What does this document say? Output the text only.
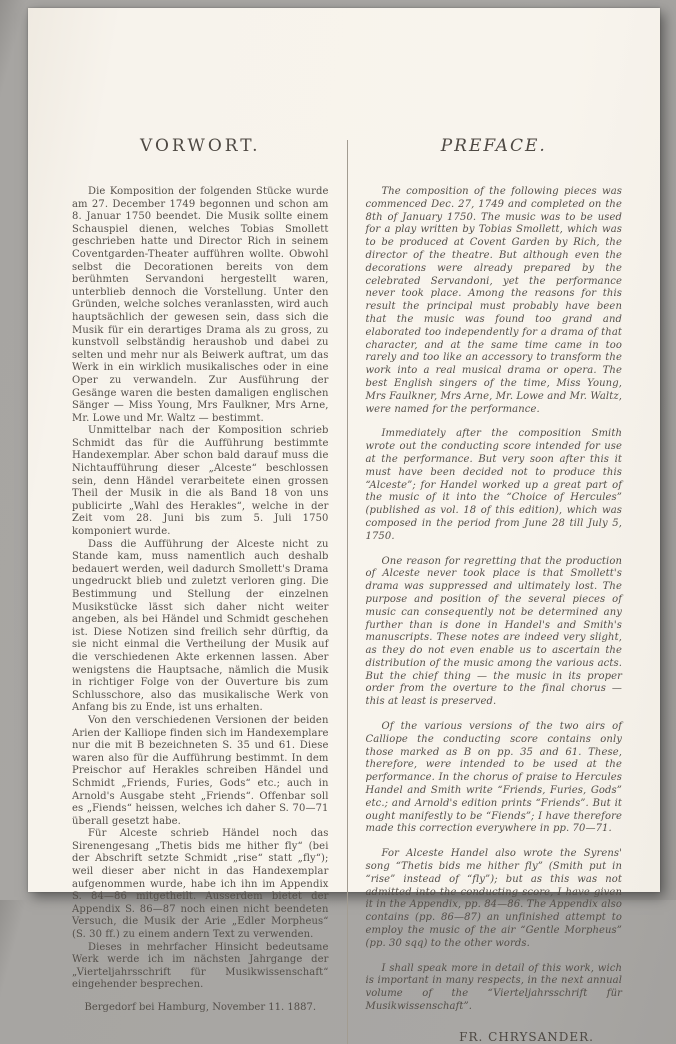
VORWORT.

Die Komposition der folgenden Stücke wurde am 27. December 1749 begonnen und schon am 8. Januar 1750 beendet. Die Musik sollte einem Schauspiel dienen, welches Tobias Smollett geschrieben hatte und Director Rich in seinem Coventgarden-Theater aufführen wollte. Obwohl selbst die Decorationen bereits von dem berühmten Servandoni hergestellt waren, unterblieb dennoch die Vorstellung. Unter den Gründen, welche solches veranlassten, wird auch hauptsächlich der gewesen sein, dass sich die Musik für ein derartiges Drama als zu gross, zu kunstvoll selbständig heraushob und dabei zu selten und mehr nur als Beiwerk auftrat, um das Werk in ein wirklich musikalisches oder in eine Oper zu verwandeln. Zur Ausführung der Gesänge waren die besten damaligen englischen Sänger — Miss Young, Mrs Faulkner, Mrs Arne, Mr. Lowe und Mr. Waltz — bestimmt.

Unmittelbar nach der Komposition schrieb Schmidt das für die Aufführung bestimmte Handexemplar. Aber schon bald darauf muss die Nichtaufführung dieser „Alceste“ beschlossen sein, denn Händel verarbeitete einen grossen Theil der Musik in die als Band 18 von uns publicirte „Wahl des Herakles“, welche in der Zeit vom 28. Juni bis zum 5. Juli 1750 komponiert wurde.

Dass die Aufführung der Alceste nicht zu Stande kam, muss namentlich auch deshalb bedauert werden, weil dadurch Smollett's Drama ungedruckt blieb und zuletzt verloren ging. Die Bestimmung und Stellung der einzelnen Musikstücke lässt sich daher nicht weiter angeben, als bei Händel und Schmidt geschehen ist. Diese Notizen sind freilich sehr dürftig, da sie nicht einmal die Vertheilung der Musik auf die verschiedenen Akte erkennen lassen. Aber wenigstens die Hauptsache, nämlich die Musik in richtiger Folge von der Ouverture bis zum Schlusschore, also das musikalische Werk von Anfang bis zu Ende, ist uns erhalten.

Von den verschiedenen Versionen der beiden Arien der Kalliope finden sich im Handexemplare nur die mit B bezeichneten S. 35 und 61. Diese waren also für die Aufführung bestimmt. In dem Preischor auf Herakles schreiben Händel und Schmidt „Friends, Furies, Gods“ etc.; auch in Arnold's Ausgabe steht „Friends“. Offenbar soll es „Fiends“ heissen, welches ich daher S. 70—71 überall gesetzt habe.

Für Alceste schrieb Händel noch das Sirenengesang „Thetis bids me hither fly“ (bei der Abschrift setzte Schmidt „rise“ statt „fly“); weil dieser aber nicht in das Handexemplar aufgenommen wurde, habe ich ihn im Appendix S. 84—86 mitgetheilt. Ausserdem bietet der Appendix S. 86—87 noch einen nicht beendeten Versuch, die Musik der Arie „Edler Morpheus“ (S. 30 ff.) zu einem andern Text zu verwenden.

Dieses in mehrfacher Hinsicht bedeutsame Werk werde ich im nächsten Jahrgange der „Vierteljahrsschrift für Musikwissenschaft“ eingehender besprechen.

Bergedorf bei Hamburg, November 11. 1887.

PREFACE.

The composition of the following pieces was commenced Dec. 27, 1749 and completed on the 8th of January 1750. The music was to be used for a play written by Tobias Smollett, which was to be produced at Covent Garden by Rich, the director of the theatre. But although even the decorations were already prepared by the celebrated Servandoni, yet the performance never took place. Among the reasons for this result the principal must probably have been that the music was found too grand and elaborated too independently for a drama of that character, and at the same time came in too rarely and too like an accessory to transform the work into a real musical drama or opera. The best English singers of the time, Miss Young, Mrs Faulkner, Mrs Arne, Mr. Lowe and Mr. Waltz, were named for the performance.

Immediately after the composition Smith wrote out the conducting score intended for use at the performance. But very soon after this it must have been decided not to produce this “Alceste”; for Handel worked up a great part of the music of it into the “Choice of Hercules” (published as vol. 18 of this edition), which was composed in the period from June 28 till July 5, 1750.

One reason for regretting that the production of Alceste never took place is that Smollett's drama was suppressed and ultimately lost. The purpose and position of the several pieces of music can consequently not be determined any further than is done in Handel's and Smith's manuscripts. These notes are indeed very slight, as they do not even enable us to ascertain the distribution of the music among the various acts. But the chief thing — the music in its proper order from the overture to the final chorus — this at least is preserved.

Of the various versions of the two airs of Calliope the conducting score contains only those marked as B on pp. 35 and 61. These, therefore, were intended to be used at the performance. In the chorus of praise to Hercules Handel and Smith write “Friends, Furies, Gods” etc.; and Arnold's edition prints “Friends”. But it ought manifestly to be “Fiends”; I have therefore made this correction everywhere in pp. 70—71.

For Alceste Handel also wrote the Syrens' song “Thetis bids me hither fly” (Smith put in “rise” instead of “fly”); but as this was not admitted into the conducting score, I have given it in the Appendix, pp. 84—86. The Appendix also contains (pp. 86—87) an unfinished attempt to employ the music of the air “Gentle Morpheus” (pp. 30 sqq) to the other words.

I shall speak more in detail of this work, wich is important in many respects, in the next annual volume of the “Vierteljahrsschrift für Musikwissenschaft”.

FR. CHRYSANDER.
